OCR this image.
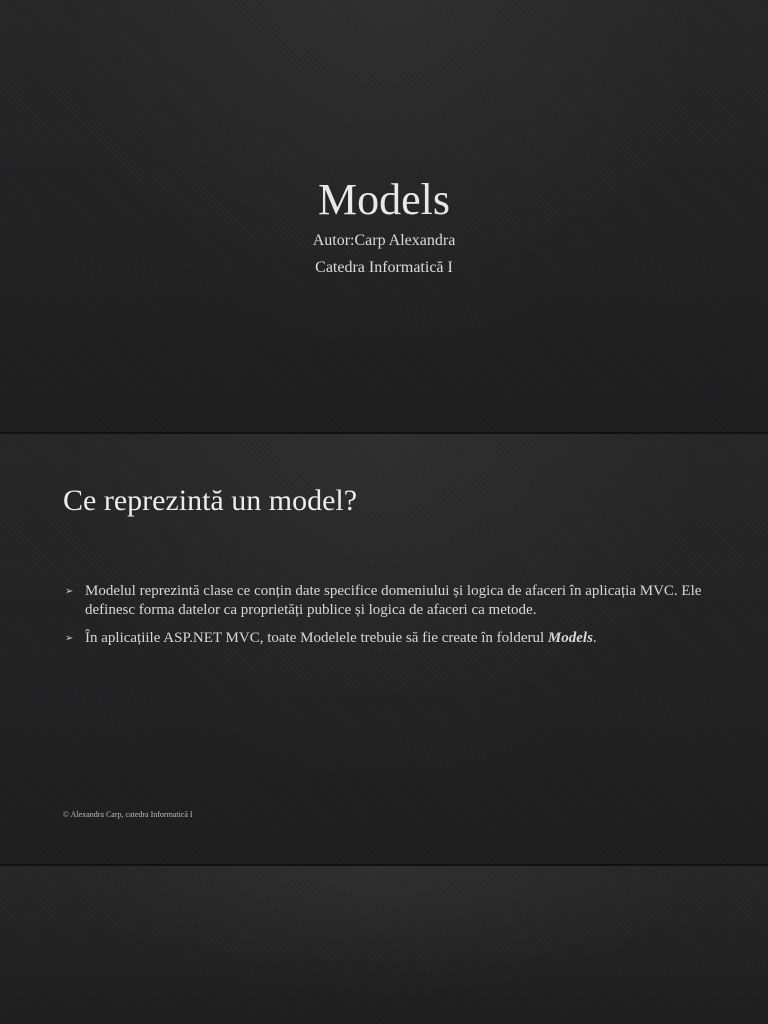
Models

Autor:Carp Alexandra

Catedra Informatică I

Ce reprezintă un model?
➢ Modelul reprezintă clase ce conțin date specifice domeniului și logica de afaceri în aplicația MVC. Ele definesc forma datelor ca proprietăți publice și logica de afaceri ca metode.
➢ În aplicațiile ASP.NET MVC, toate Modelele trebuie să fie create în folderul Models.
© Alexandra Carp, catedra Informatică I
